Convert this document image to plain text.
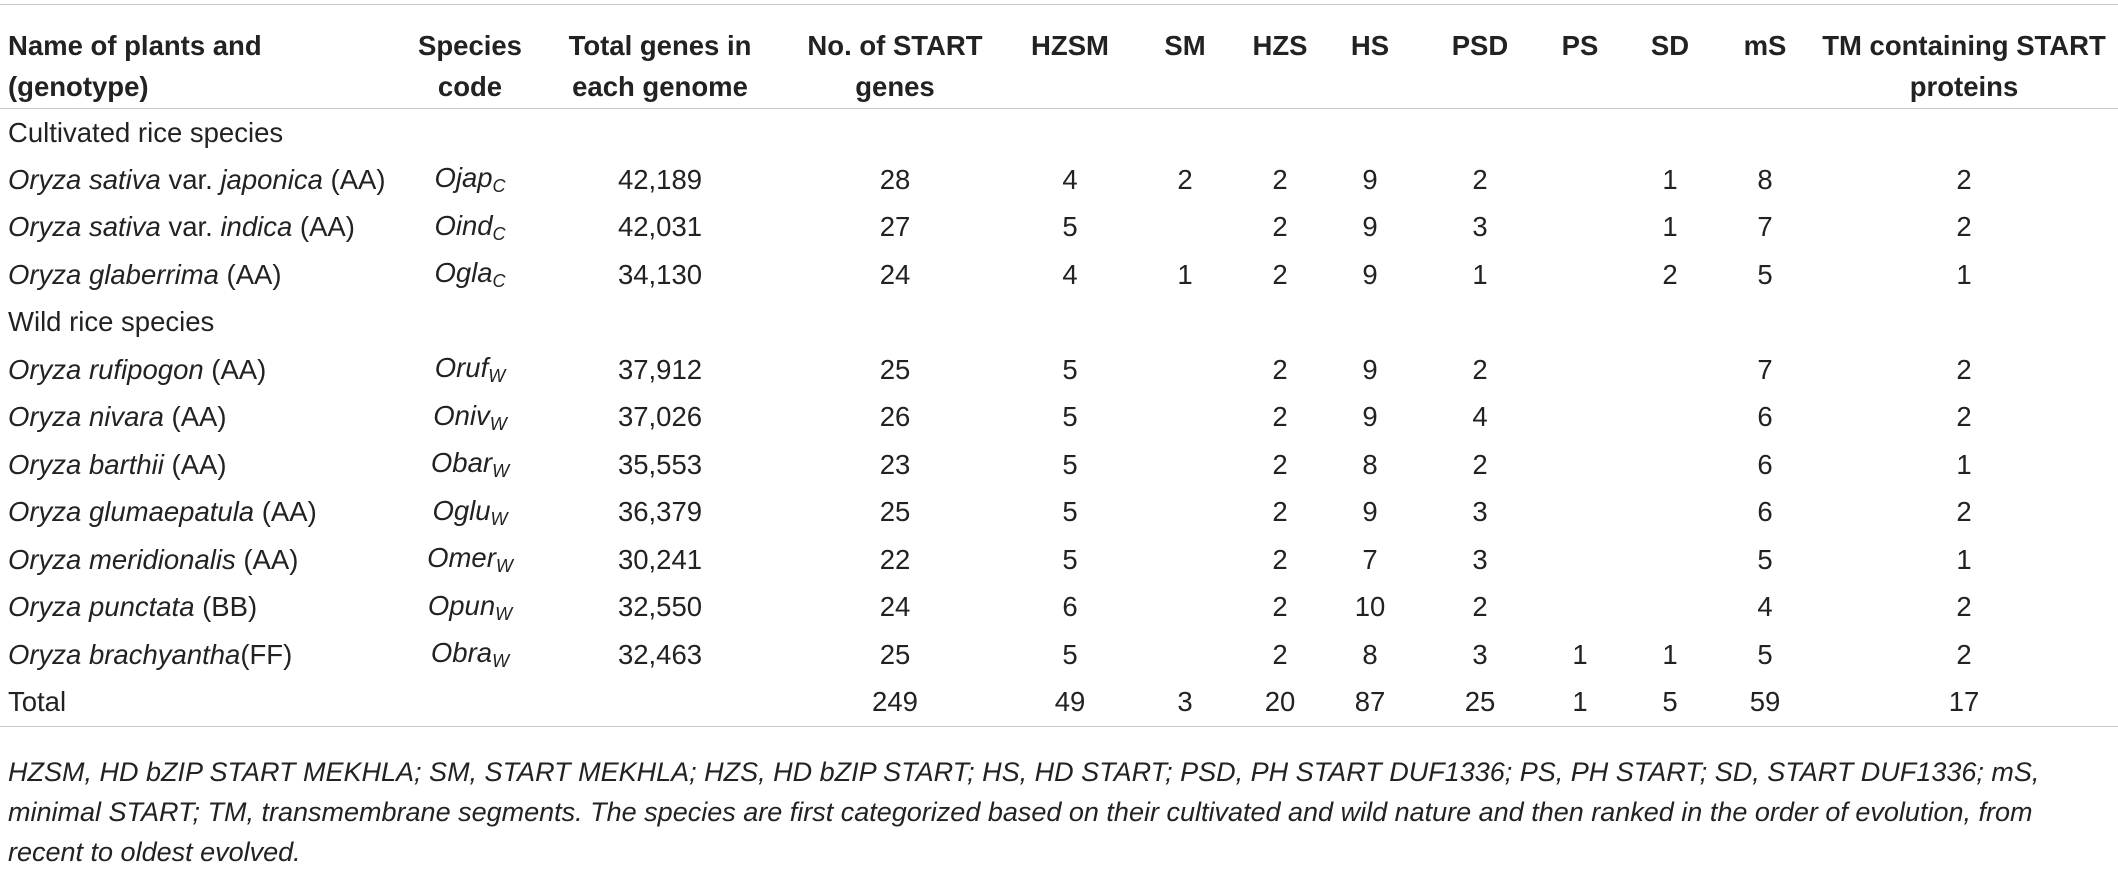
Name of plants and (genotype)	Species code	Total genes in each genome	No. of START genes	HZSM	SM	HZS	HS	PSD	PS	SD	mS	TM containing START proteins
Cultivated rice species												
Oryza sativa var. japonica (AA)	Ojap$_C$	42,189	28	4	2	2	9	2		1	8	2
Oryza sativa var. indica (AA)	Oind$_C$	42,031	27	5		2	9	3		1	7	2
Oryza glaberrima (AA)	Ogla$_C$	34,130	24	4	1	2	9	1		2	5	1
Wild rice species												
Oryza rufipogon (AA)	Oruf$_W$	37,912	25	5		2	9	2			7	2
Oryza nivara (AA)	Oniv$_W$	37,026	26	5		2	9	4			6	2
Oryza barthii (AA)	Obar$_W$	35,553	23	5		2	8	2			6	1
Oryza glumaepatula (AA)	Oglu$_W$	36,379	25	5		2	9	3			6	2
Oryza meridionalis (AA)	Omer$_W$	30,241	22	5		2	7	3			5	1
Oryza punctata (BB)	Opun$_W$	32,550	24	6		2	10	2			4	2
Oryza brachyantha(FF)	Obra$_W$	32,463	25	5		2	8	3	1	1	5	2
Total			249	49	3	20	87	25	1	5	59	17

HZSM, HD bZIP START MEKHLA; SM, START MEKHLA; HZS, HD bZIP START; HS, HD START; PSD, PH START DUF1336; PS, PH START; SD, START DUF1336; mS, minimal START; TM, transmembrane segments. The species are first categorized based on their cultivated and wild nature and then ranked in the order of evolution, from recent to oldest evolved.
